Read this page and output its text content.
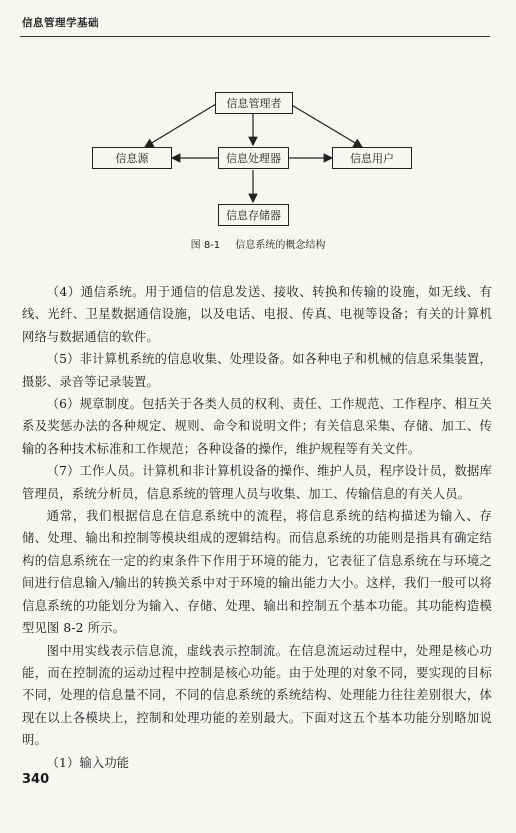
信息管理学基础
信息管理者
信息源	信息处理器	信息用户
信息存储器
图 8-1 信息系统的概念结构

（4）通信系统。用于通信的信息发送、接收、转换和传输的设施，如无线、有线、光纤、卫星数据通信设施，以及电话、电报、传真、电视等设备；有关的计算机网络与数据通信的软件。

（5）非计算机系统的信息收集、处理设备。如各种电子和机械的信息采集装置，摄影、录音等记录装置。

（6）规章制度。包括关于各类人员的权利、责任、工作规范、工作程序、相互关系及奖惩办法的各种规定、规则、命令和说明文件；有关信息采集、存储、加工、传输的各种技术标准和工作规范；各种设备的操作，维护规程等有关文件。

（7）工作人员。计算机和非计算机设备的操作、维护人员，程序设计员，数据库管理员，系统分析员，信息系统的管理人员与收集、加工、传输信息的有关人员。

通常，我们根据信息在信息系统中的流程，将信息系统的结构描述为输入、存储、处理、输出和控制等模块组成的逻辑结构。而信息系统的功能则是指具有确定结构的信息系统在一定的约束条件下作用于环境的能力，它表征了信息系统在与环境之间进行信息输入/输出的转换关系中对于环境的输出能力大小。这样，我们一般可以将信息系统的功能划分为输入、存储、处理、输出和控制五个基本功能。其功能构造模型见图 8-2 所示。

图中用实线表示信息流，虚线表示控制流。在信息流运动过程中，处理是核心功能，而在控制流的运动过程中控制是核心功能。由于处理的对象不同，要实现的目标不同，处理的信息量不同，不同的信息系统的系统结构、处理能力往往差别很大，体现在以上各模块上，控制和处理功能的差别最大。下面对这五个基本功能分别略加说明。

（1）输入功能

340
